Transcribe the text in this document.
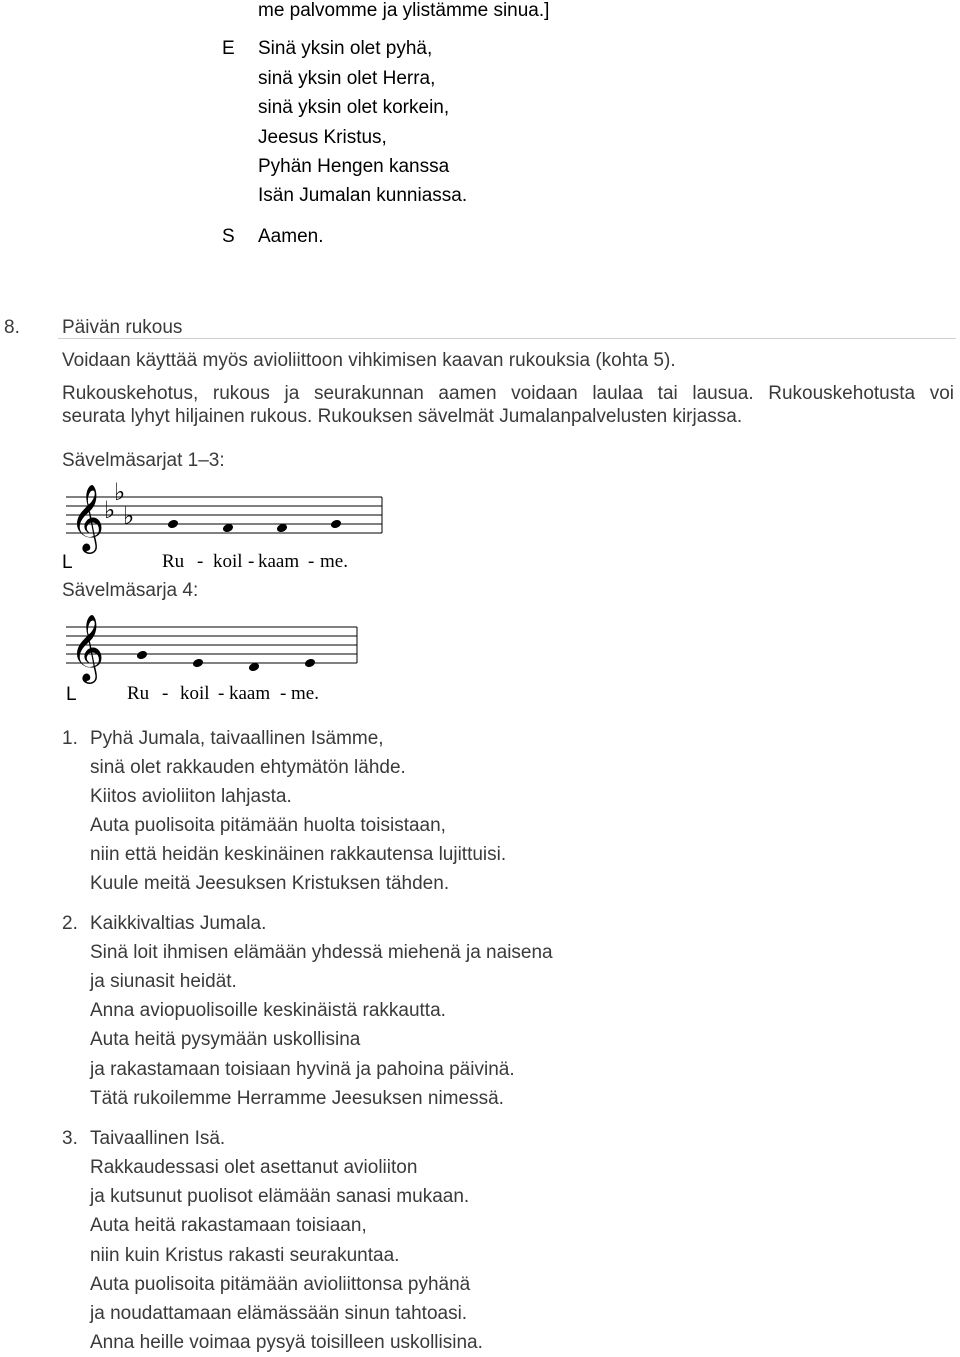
me palvomme ja ylistämme sinua.]
E Sinä yksin olet pyhä,
sinä yksin olet Herra,
sinä yksin olet korkein,
Jeesus Kristus,
Pyhän Hengen kanssa
Isän Jumalan kunniassa.
S Aamen.
8. Päivän rukous
Voidaan käyttää myös avioliittoon vihkimisen kaavan rukouksia (kohta 5).
Rukouskehotus, rukous ja seurakunnan aamen voidaan laulaa tai lausua. Rukouskehotusta voi
seurata lyhyt hiljainen rukous. Rukouksen sävelmät Jumalanpalvelusten kirjassa.
Sävelmäsarjat 1–3:
𝄞 ♭
♭
♭
L	Ru - koil - kaam - me.
Sävelmäsarja 4:
𝄞
L	Ru - koil - kaam - me.
1. Pyhä Jumala, taivaallinen Isämme,
sinä olet rakkauden ehtymätön lähde.
Kiitos avioliiton lahjasta.
Auta puolisoita pitämään huolta toisistaan,
niin että heidän keskinäinen rakkautensa lujittuisi.
Kuule meitä Jeesuksen Kristuksen tähden.
2. Kaikkivaltias Jumala.
Sinä loit ihmisen elämään yhdessä miehenä ja naisena
ja siunasit heidät.
Anna aviopuolisoille keskinäistä rakkautta.
Auta heitä pysymään uskollisina
ja rakastamaan toisiaan hyvinä ja pahoina päivinä.
Tätä rukoilemme Herramme Jeesuksen nimessä.
3. Taivaallinen Isä.
Rakkaudessasi olet asettanut avioliiton
ja kutsunut puolisot elämään sanasi mukaan.
Auta heitä rakastamaan toisiaan,
niin kuin Kristus rakasti seurakuntaa.
Auta puolisoita pitämään avioliittonsa pyhänä
ja noudattamaan elämässään sinun tahtoasi.
Anna heille voimaa pysyä toisilleen uskollisina.
